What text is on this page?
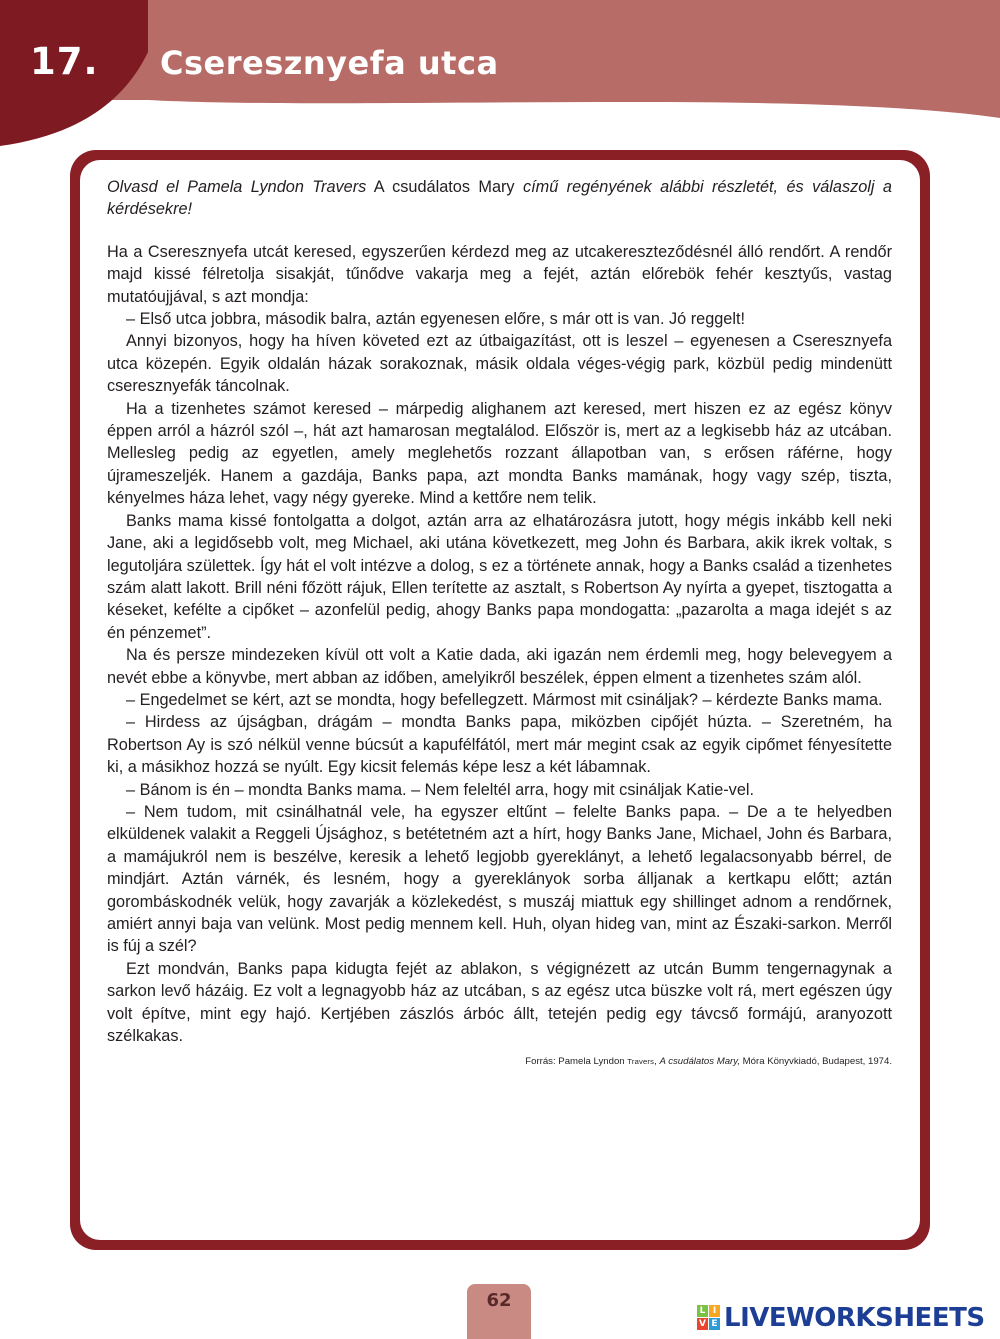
17. Cseresznyefa utca

Olvasd el Pamela Lyndon Travers A csudálatos Mary című regényének alábbi részletét, és válaszolj a kérdésekre!

Ha a Cseresznyefa utcát keresed, egyszerűen kérdezd meg az utcakereszteződésnél álló rendőrt. A rendőr majd kissé félretolja sisakját, tűnődve vakarja meg a fejét, aztán előrebök fehér kesztyűs, vastag mutatóujjával, s azt mondja:

– Első utca jobbra, második balra, aztán egyenesen előre, s már ott is van. Jó reggelt!

Annyi bizonyos, hogy ha híven követed ezt az útbaigazítást, ott is leszel – egyenesen a Cseresznyefa utca közepén. Egyik oldalán házak sorakoznak, másik oldala véges-végig park, közbül pedig mindenütt cseresznyefák táncolnak.

Ha a tizenhetes számot keresed – márpedig alighanem azt keresed, mert hiszen ez az egész könyv éppen arról a házról szól –, hát azt hamarosan megtalálod. Először is, mert az a legkisebb ház az utcában. Mellesleg pedig az egyetlen, amely meglehetős rozzant állapotban van, s erősen ráférne, hogy újrameszeljék. Hanem a gazdája, Banks papa, azt mondta Banks mamának, hogy vagy szép, tiszta, kényelmes háza lehet, vagy négy gyereke. Mind a kettőre nem telik.

Banks mama kissé fontolgatta a dolgot, aztán arra az elhatározásra jutott, hogy mégis inkább kell neki Jane, aki a legidősebb volt, meg Michael, aki utána következett, meg John és Barbara, akik ikrek voltak, s legutoljára születtek. Így hát el volt intézve a dolog, s ez a története annak, hogy a Banks család a tizenhetes szám alatt lakott. Brill néni főzött rájuk, Ellen terítette az asztalt, s Robertson Ay nyírta a gyepet, tisztogatta a késeket, kefélte a cipőket – azonfelül pedig, ahogy Banks papa mondogatta: „pazarolta a maga idejét s az én pénzemet”.

Na és persze mindezeken kívül ott volt a Katie dada, aki igazán nem érdemli meg, hogy belevegyem a nevét ebbe a könyvbe, mert abban az időben, amelyikről beszélek, éppen elment a tizenhetes szám alól.

– Engedelmet se kért, azt se mondta, hogy befellegzett. Mármost mit csináljak? – kérdezte Banks mama.

– Hirdess az újságban, drágám – mondta Banks papa, miközben cipőjét húzta. – Szeretném, ha Robertson Ay is szó nélkül venne búcsút a kapufélfától, mert már megint csak az egyik cipőmet fényesítette ki, a másikhoz hozzá se nyúlt. Egy kicsit felemás képe lesz a két lábamnak.

– Bánom is én – mondta Banks mama. – Nem feleltél arra, hogy mit csináljak Katie-vel.

– Nem tudom, mit csinálhatnál vele, ha egyszer eltűnt – felelte Banks papa. – De a te helyedben elküldenek valakit a Reggeli Újsághoz, s betétetném azt a hírt, hogy Banks Jane, Michael, John és Barbara, a mamájukról nem is beszélve, keresik a lehető legjobb gyereklányt, a lehető legalacsonyabb bérrel, de mindjárt. Aztán várnék, és lesném, hogy a gyereklányok sorba álljanak a kertkapu előtt; aztán gorombáskodnék velük, hogy zavarják a közlekedést, s muszáj miattuk egy shillinget adnom a rendőrnek, amiért annyi baja van velünk. Most pedig mennem kell. Huh, olyan hideg van, mint az Északi-sarkon. Merről is fúj a szél?

Ezt mondván, Banks papa kidugta fejét az ablakon, s végignézett az utcán Bumm tengernagynak a sarkon levő házáig. Ez volt a legnagyobb ház az utcában, s az egész utca büszke volt rá, mert egészen úgy volt építve, mint egy hajó. Kertjében zászlós árbóc állt, tetején pedig egy távcső formájú, aranyozott szélkakas.

Forrás: Pamela Lyndon Travers, A csudálatos Mary, Móra Könyvkiadó, Budapest, 1974.
62	L I
V E LIVEWORKSHEETS
